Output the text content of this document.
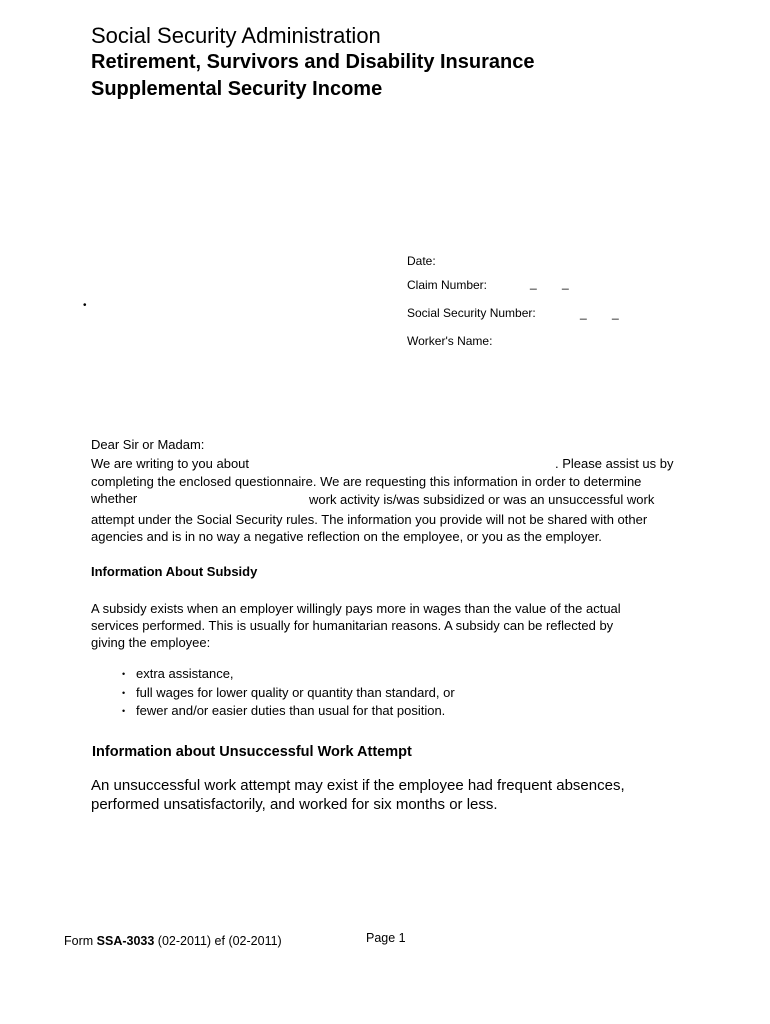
Social Security Administration
Retirement, Survivors and Disability Insurance
Supplemental Security Income
•
Date:
Claim Number:	_ _
Social Security Number:	_ _
Worker's Name:
Dear Sir or Madam:
We are writing to you about	. Please assist us by
completing the enclosed questionnaire. We are requesting this information in order to determine
whether	work activity is/was subsidized or was an unsuccessful work
attempt under the Social Security rules. The information you provide will not be shared with other
agencies and is in no way a negative reflection on the employee, or you as the employer.
Information About Subsidy
A subsidy exists when an employer willingly pays more in wages than the value of the actual
services performed. This is usually for humanitarian reasons. A subsidy can be reflected by
giving the employee:
• extra assistance,
• full wages for lower quality or quantity than standard, or
• fewer and/or easier duties than usual for that position.
Information about Unsuccessful Work Attempt
An unsuccessful work attempt may exist if the employee had frequent absences,
performed unsatisfactorily, and worked for six months or less.
Form SSA-3033 (02-2011) ef (02-2011)	Page 1
